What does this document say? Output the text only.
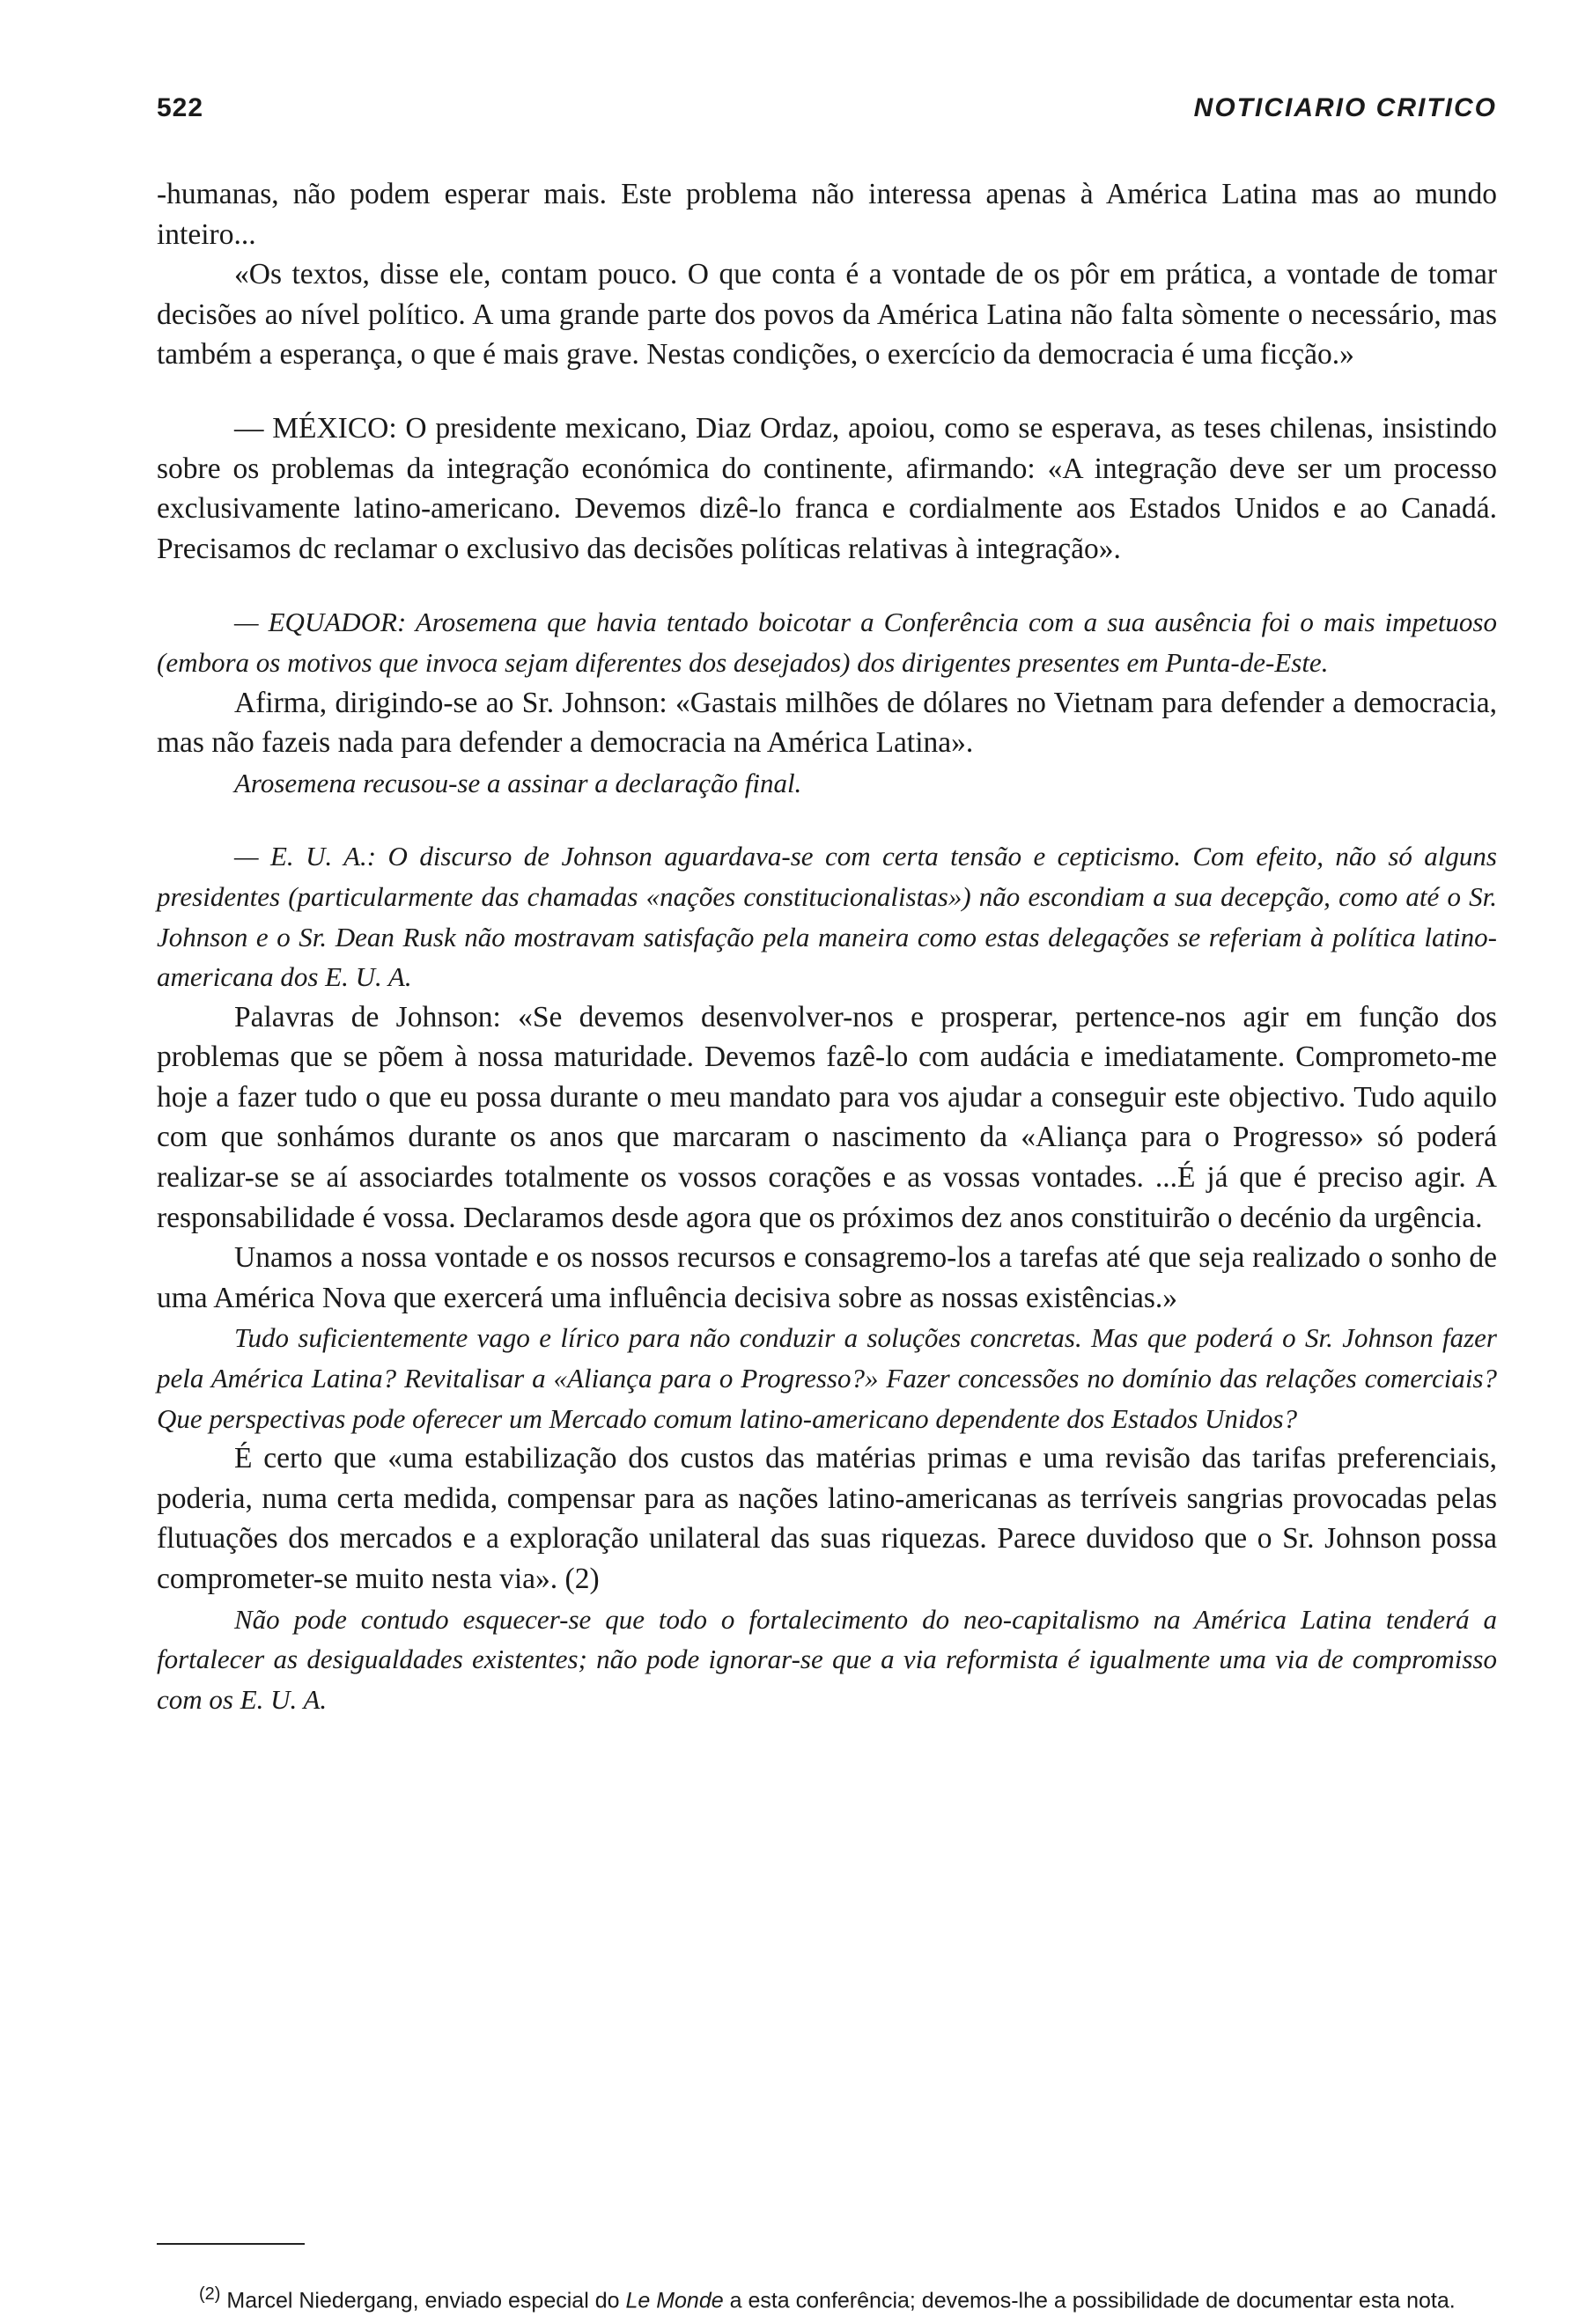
522	NOTICIARIO CRITICO

-humanas, não podem esperar mais. Este problema não interessa apenas à América Latina mas ao mundo inteiro...

«Os textos, disse ele, contam pouco. O que conta é a vontade de os pôr em prática, a vontade de tomar decisões ao nível político. A uma grande parte dos povos da América Latina não falta sòmente o necessário, mas também a esperança, o que é mais grave. Nestas condições, o exercício da democracia é uma ficção.»

— MÉXICO: O presidente mexicano, Diaz Ordaz, apoiou, como se esperava, as teses chilenas, insistindo sobre os problemas da integração económica do continente, afirmando: «A integração deve ser um processo exclusivamente latino-americano. Devemos dizê-lo franca e cordialmente aos Estados Unidos e ao Canadá. Precisamos dc reclamar o exclusivo das decisões políticas relativas à integração».

— EQUADOR: Arosemena que havia tentado boicotar a Conferência com a sua ausência foi o mais impetuoso (embora os motivos que invoca sejam diferentes dos desejados) dos dirigentes presentes em Punta-de-Este.

Afirma, dirigindo-se ao Sr. Johnson: «Gastais milhões de dólares no Vietnam para defender a democracia, mas não fazeis nada para defender a democracia na América Latina».

Arosemena recusou-se a assinar a declaração final.

— E. U. A.: O discurso de Johnson aguardava-se com certa tensão e cepticismo. Com efeito, não só alguns presidentes (particularmente das chamadas «nações constitucionalistas») não escondiam a sua decepção, como até o Sr. Johnson e o Sr. Dean Rusk não mostravam satisfação pela maneira como estas delegações se referiam à política latino-americana dos E. U. A.

Palavras de Johnson: «Se devemos desenvolver-nos e prosperar, pertence-nos agir em função dos problemas que se põem à nossa maturidade. Devemos fazê-lo com audácia e imediatamente. Comprometo-me hoje a fazer tudo o que eu possa durante o meu mandato para vos ajudar a conseguir este objectivo. Tudo aquilo com que sonhámos durante os anos que marcaram o nascimento da «Aliança para o Progresso» só poderá realizar-se se aí associardes totalmente os vossos corações e as vossas vontades. ...É já que é preciso agir. A responsabilidade é vossa. Declaramos desde agora que os próximos dez anos constituirão o decénio da urgência.

Unamos a nossa vontade e os nossos recursos e consagremo-los a tarefas até que seja realizado o sonho de uma América Nova que exercerá uma influência decisiva sobre as nossas existências.»

Tudo suficientemente vago e lírico para não conduzir a soluções concretas. Mas que poderá o Sr. Johnson fazer pela América Latina? Revitalisar a «Aliança para o Progresso?» Fazer concessões no domínio das relações comerciais? Que perspectivas pode oferecer um Mercado comum latino-americano dependente dos Estados Unidos?

É certo que «uma estabilização dos custos das matérias primas e uma revisão das tarifas preferenciais, poderia, numa certa medida, compensar para as nações latino-americanas as terríveis sangrias provocadas pelas flutuações dos mercados e a exploração unilateral das suas riquezas. Parece duvidoso que o Sr. Johnson possa comprometer-se muito nesta via». (2)

Não pode contudo esquecer-se que todo o fortalecimento do neo-capitalismo na América Latina tenderá a fortalecer as desigualdades existentes; não pode ignorar-se que a via reformista é igualmente uma via de compromisso com os E. U. A.

$^{(2)}$ Marcel Niedergang, enviado especial do Le Monde a esta conferência; devemos-lhe a possibilidade de documentar esta nota.
